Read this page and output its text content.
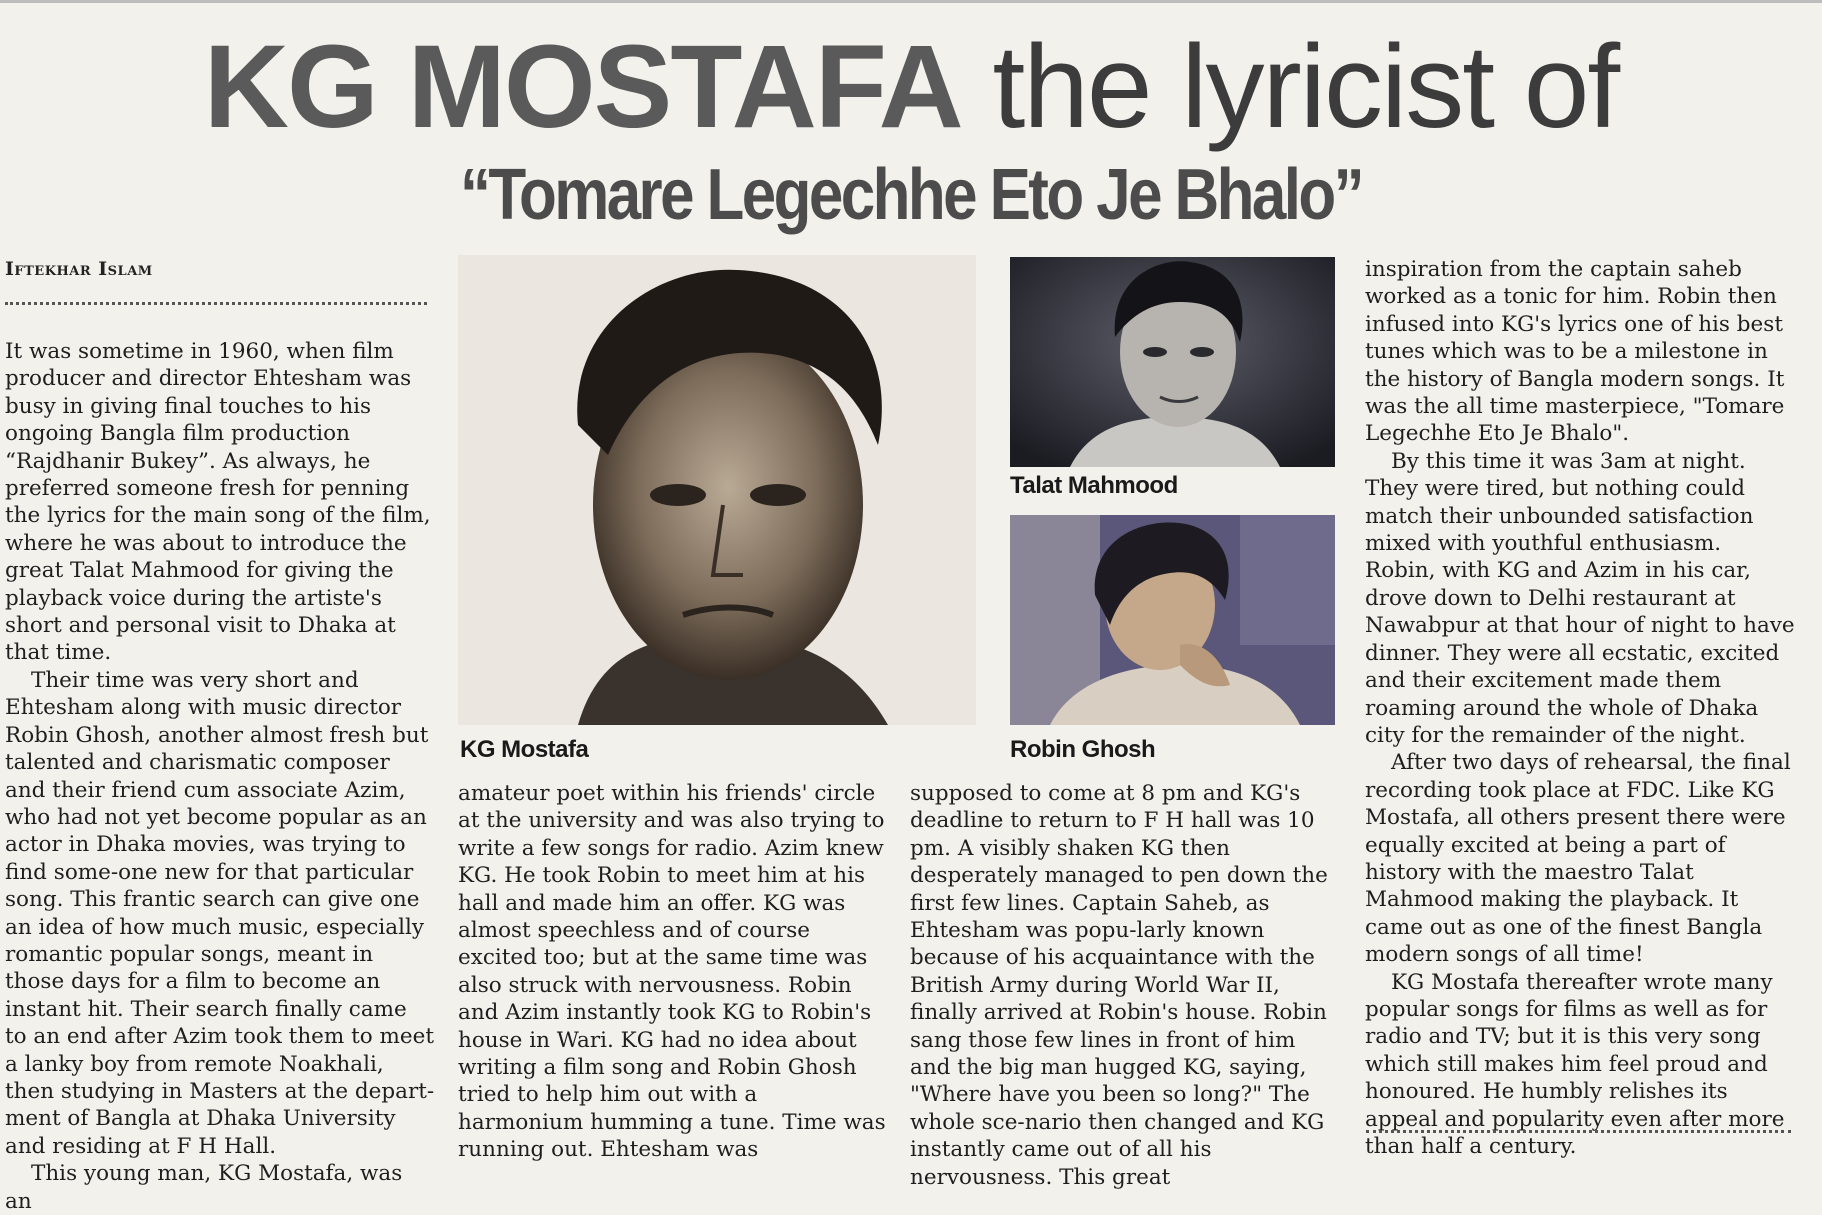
KG MOSTAFA the lyricist of
“Tomare Legechhe Eto Je Bhalo”
Iftekhar Islam

It was sometime in 1960, when film producer and director Ehtesham was busy in giving final touches to his ongoing Bangla film production “Rajdhanir Bukey”. As always, he preferred someone fresh for penning the lyrics for the main song of the film, where he was about to introduce the great Talat Mahmood for giving the playback voice during the artiste's short and personal visit to Dhaka at that time.

Their time was very short and Ehtesham along with music director Robin Ghosh, another almost fresh but talented and charismatic composer and their friend cum associate Azim, who had not yet become popular as an actor in Dhaka movies, was trying to find some-one new for that particular song. This frantic search can give one an idea of how much music, especially romantic popular songs, meant in those days for a film to become an instant hit. Their search finally came to an end after Azim took them to meet a lanky boy from remote Noakhali, then studying in Masters at the depart-ment of Bangla at Dhaka University and residing at F H Hall.

This young man, KG Mostafa, was an

KG Mostafa

amateur poet within his friends' circle at the university and was also trying to write a few songs for radio. Azim knew KG. He took Robin to meet him at his hall and made him an offer. KG was almost speechless and of course excited too; but at the same time was also struck with nervousness. Robin and Azim instantly took KG to Robin's house in Wari. KG had no idea about writing a film song and Robin Ghosh tried to help him out with a harmonium humming a tune. Time was running out. Ehtesham was

Talat Mahmood
Robin Ghosh

supposed to come at 8 pm and KG's deadline to return to F H hall was 10 pm. A visibly shaken KG then desperately managed to pen down the first few lines. Captain Saheb, as Ehtesham was popu-larly known because of his acquaintance with the British Army during World War II, finally arrived at Robin's house. Robin sang those few lines in front of him and the big man hugged KG, saying, "Where have you been so long?" The whole sce-nario then changed and KG instantly came out of all his nervousness. This great

inspiration from the captain saheb worked as a tonic for him. Robin then infused into KG's lyrics one of his best tunes which was to be a milestone in the history of Bangla modern songs. It was the all time masterpiece, "Tomare Legechhe Eto Je Bhalo".

By this time it was 3am at night. They were tired, but nothing could match their unbounded satisfaction mixed with youthful enthusiasm. Robin, with KG and Azim in his car, drove down to Delhi restaurant at Nawabpur at that hour of night to have dinner. They were all ecstatic, excited and their excitement made them roaming around the whole of Dhaka city for the remainder of the night.

After two days of rehearsal, the final recording took place at FDC. Like KG Mostafa, all others present there were equally excited at being a part of history with the maestro Talat Mahmood making the playback. It came out as one of the finest Bangla modern songs of all time!

KG Mostafa thereafter wrote many popular songs for films as well as for radio and TV; but it is this very song which still makes him feel proud and honoured. He humbly relishes its appeal and popularity even after more than half a century.
